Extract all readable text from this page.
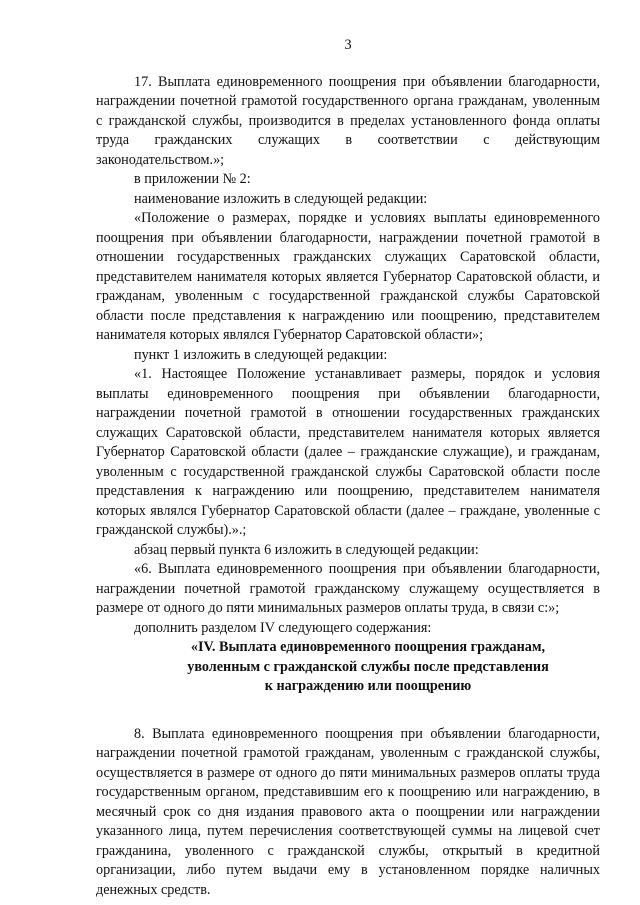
3

17. Выплата единовременного поощрения при объявлении благодарности, награждении почетной грамотой государственного органа гражданам, уволенным с гражданской службы, производится в пределах установленного фонда оплаты труда гражданских служащих в соответствии с действующим законодательством.»;

в приложении № 2:

наименование изложить в следующей редакции:

«Положение о размерах, порядке и условиях выплаты единовременного поощрения при объявлении благодарности, награждении почетной грамотой в отношении государственных гражданских служащих Саратовской области, представителем нанимателя которых является Губернатор Саратовской области, и гражданам, уволенным с государственной гражданской службы Саратовской области после представления к награждению или поощрению, представителем нанимателя которых являлся Губернатор Саратовской области»;

пункт 1 изложить в следующей редакции:

«1. Настоящее Положение устанавливает размеры, порядок и условия выплаты единовременного поощрения при объявлении благодарности, награждении почетной грамотой в отношении государственных гражданских служащих Саратовской области, представителем нанимателя которых является Губернатор Саратовской области (далее – гражданские служащие), и гражданам, уволенным с государственной гражданской службы Саратовской области после представления к награждению или поощрению, представителем нанимателя которых являлся Губернатор Саратовской области (далее – граждане, уволенные с гражданской службы).».;

абзац первый пункта 6 изложить в следующей редакции:

«6. Выплата единовременного поощрения при объявлении благодарности, награждении почетной грамотой гражданскому служащему осуществляется в размере от одного до пяти минимальных размеров оплаты труда, в связи с:»;

дополнить разделом IV следующего содержания:

«IV. Выплата единовременного поощрения гражданам,
уволенным с гражданской службы после представления
к награждению или поощрению

8. Выплата единовременного поощрения при объявлении благодарности, награждении почетной грамотой гражданам, уволенным с гражданской службы, осуществляется в размере от одного до пяти минимальных размеров оплаты труда государственным органом, представившим его к поощрению или награждению, в месячный срок со дня издания правового акта о поощрении или награждении указанного лица, путем перечисления соответствующей суммы на лицевой счет гражданина, уволенного с гражданской службы, открытый в кредитной организации, либо путем выдачи ему в установленном порядке наличных денежных средств.
